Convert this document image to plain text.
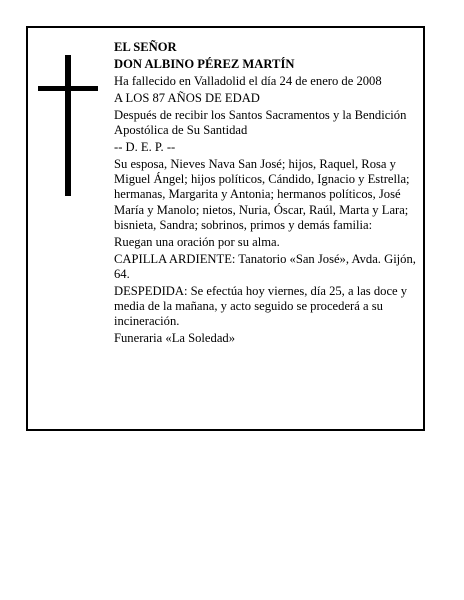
EL SEÑOR
DON ALBINO PÉREZ MARTÍN
Ha fallecido en Valladolid el día 24 de enero de 2008
A LOS 87 AÑOS DE EDAD
Después de recibir los Santos Sacramentos y la Bendición Apostólica de Su Santidad
-- D. E. P. --
Su esposa, Nieves Nava San José; hijos, Raquel, Rosa y Miguel Ángel; hijos políticos, Cándido, Ignacio y Estrella; hermanas, Margarita y Antonia; hermanos políticos, José María y Manolo; nietos, Nuria, Óscar, Raúl, Marta y Lara; bisnieta, Sandra; sobrinos, primos y demás familia:
Ruegan una oración por su alma.
CAPILLA ARDIENTE: Tanatorio «San José», Avda. Gijón, 64.
DESPEDIDA: Se efectúa hoy viernes, día 25, a las doce y media de la mañana, y acto seguido se procederá a su incineración.
Funeraria «La Soledad»
